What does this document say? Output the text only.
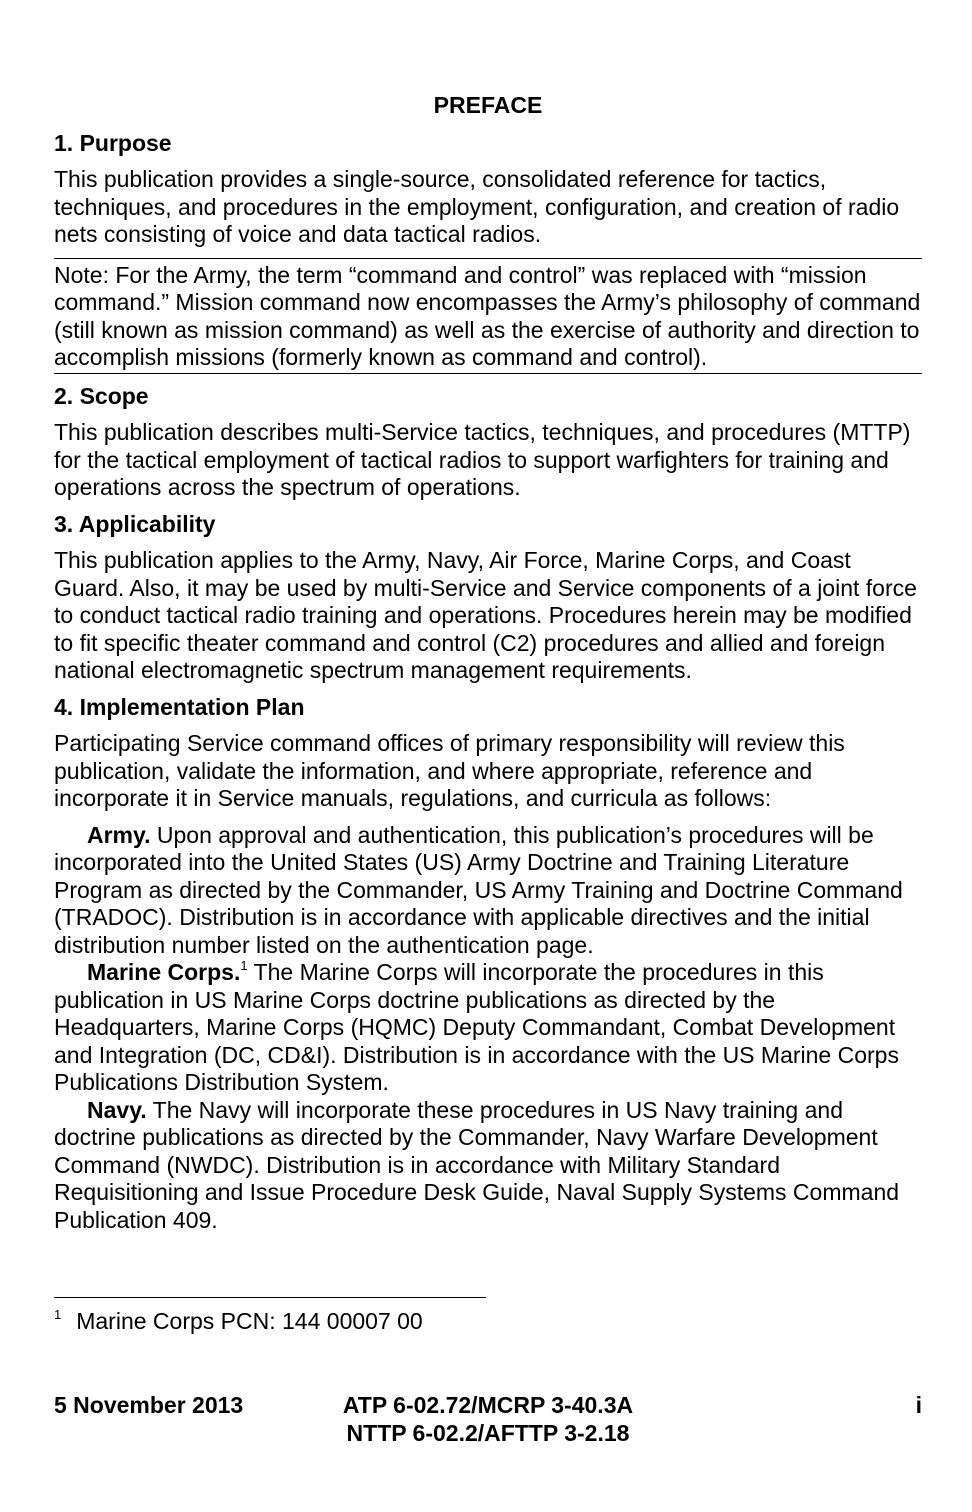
PREFACE
1. Purpose

This publication provides a single-source, consolidated reference for tactics, techniques, and procedures in the employment, configuration, and creation of radio nets consisting of voice and data tactical radios.

Note: For the Army, the term “command and control” was replaced with “mission command.” Mission command now encompasses the Army’s philosophy of command (still known as mission command) as well as the exercise of authority and direction to accomplish missions (formerly known as command and control).
2. Scope

This publication describes multi-Service tactics, techniques, and procedures (MTTP) for the tactical employment of tactical radios to support warfighters for training and operations across the spectrum of operations.

3. Applicability

This publication applies to the Army, Navy, Air Force, Marine Corps, and Coast Guard. Also, it may be used by multi-Service and Service components of a joint force to conduct tactical radio training and operations. Procedures herein may be modified to fit specific theater command and control (C2) procedures and allied and foreign national electromagnetic spectrum management requirements.

4. Implementation Plan

Participating Service command offices of primary responsibility will review this publication, validate the information, and where appropriate, reference and incorporate it in Service manuals, regulations, and curricula as follows:

Army. Upon approval and authentication, this publication’s procedures will be incorporated into the United States (US) Army Doctrine and Training Literature Program as directed by the Commander, US Army Training and Doctrine Command (TRADOC). Distribution is in accordance with applicable directives and the initial distribution number listed on the authentication page.

Marine Corps.$^1$ The Marine Corps will incorporate the procedures in this publication in US Marine Corps doctrine publications as directed by the Headquarters, Marine Corps (HQMC) Deputy Commandant, Combat Development and Integration (DC, CD&I). Distribution is in accordance with the US Marine Corps Publications Distribution System.

Navy. The Navy will incorporate these procedures in US Navy training and doctrine publications as directed by the Commander, Navy Warfare Development Command (NWDC). Distribution is in accordance with Military Standard Requisitioning and Issue Procedure Desk Guide, Naval Supply Systems Command Publication 409.

$^1$ Marine Corps PCN: 144 00007 00
5 November 2013	ATP 6-02.72/MCRP 3-40.3A
NTTP 6-02.2/AFTTP 3-2.18
i
